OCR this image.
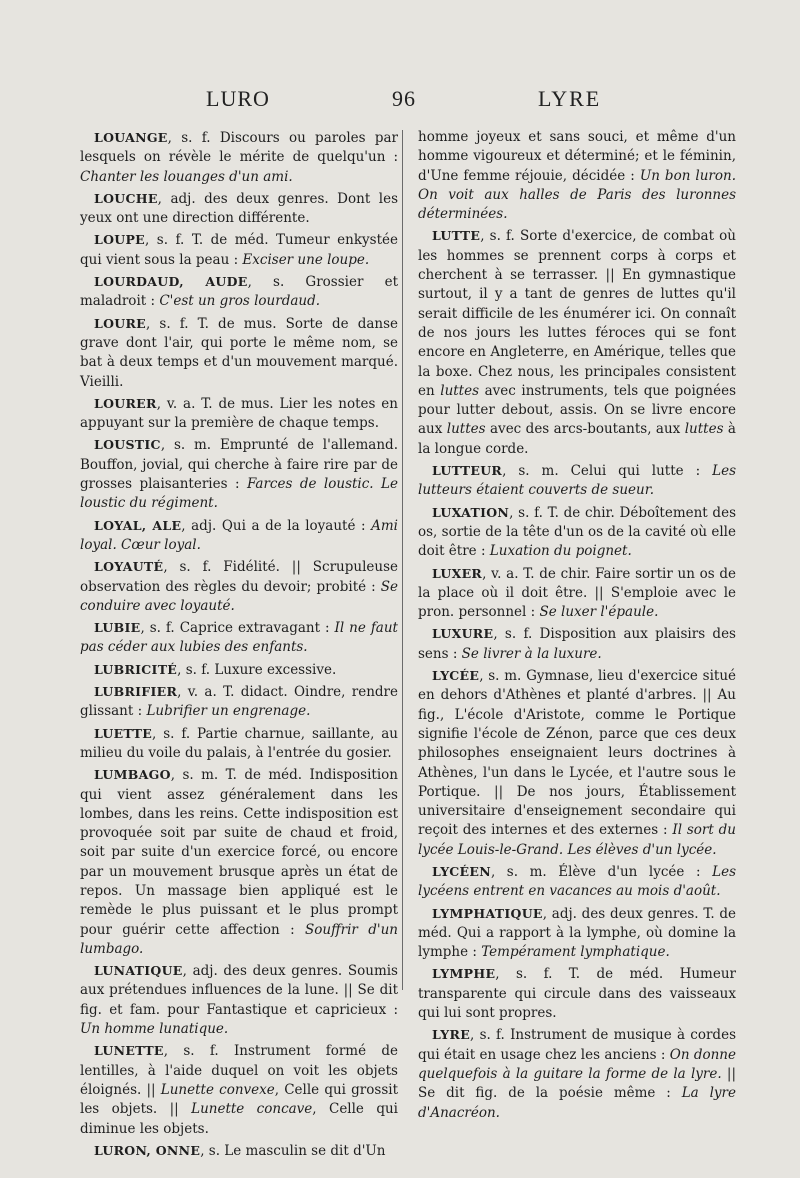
LURO	96	LYRE

LOUANGE, s. f. Discours ou paroles par lesquels on révèle le mérite de quelqu'un : Chanter les louanges d'un ami.

LOUCHE, adj. des deux genres. Dont les yeux ont une direction différente.

LOUPE, s. f. T. de méd. Tumeur enkystée qui vient sous la peau : Exciser une loupe.

LOURDAUD, AUDE, s. Grossier et maladroit : C'est un gros lourdaud.

LOURE, s. f. T. de mus. Sorte de danse grave dont l'air, qui porte le même nom, se bat à deux temps et d'un mouvement marqué. Vieilli.

LOURER, v. a. T. de mus. Lier les notes en appuyant sur la première de chaque temps.

LOUSTIC, s. m. Emprunté de l'allemand. Bouffon, jovial, qui cherche à faire rire par de grosses plaisanteries : Farces de loustic. Le loustic du régiment.

LOYAL, ALE, adj. Qui a de la loyauté : Ami loyal. Cœur loyal.

LOYAUTÉ, s. f. Fidélité. || Scrupuleuse observation des règles du devoir; probité : Se conduire avec loyauté.

LUBIE, s. f. Caprice extravagant : Il ne faut pas céder aux lubies des enfants.

LUBRICITÉ, s. f. Luxure excessive.

LUBRIFIER, v. a. T. didact. Oindre, rendre glissant : Lubrifier un engrenage.

LUETTE, s. f. Partie charnue, saillante, au milieu du voile du palais, à l'entrée du gosier.

LUMBAGO, s. m. T. de méd. Indisposition qui vient assez généralement dans les lombes, dans les reins. Cette indisposition est provoquée soit par suite de chaud et froid, soit par suite d'un exercice forcé, ou encore par un mouvement brusque après un état de repos. Un massage bien appliqué est le remède le plus puissant et le plus prompt pour guérir cette affection : Souffrir d'un lumbago.

LUNATIQUE, adj. des deux genres. Soumis aux prétendues influences de la lune. || Se dit fig. et fam. pour Fantastique et capricieux : Un homme lunatique.

LUNETTE, s. f. Instrument formé de lentilles, à l'aide duquel on voit les objets éloignés. || Lunette convexe, Celle qui grossit les objets. || Lunette concave, Celle qui diminue les objets.

LURON, ONNE, s. Le masculin se dit d'Un

homme joyeux et sans souci, et même d'un homme vigoureux et déterminé; et le féminin, d'Une femme réjouie, décidée : Un bon luron. On voit aux halles de Paris des luronnes déterminées.

LUTTE, s. f. Sorte d'exercice, de combat où les hommes se prennent corps à corps et cherchent à se terrasser. || En gymnastique surtout, il y a tant de genres de luttes qu'il serait difficile de les énumérer ici. On connaît de nos jours les luttes féroces qui se font encore en Angleterre, en Amérique, telles que la boxe. Chez nous, les principales consistent en luttes avec instruments, tels que poignées pour lutter debout, assis. On se livre encore aux luttes avec des arcs-boutants, aux luttes à la longue corde.

LUTTEUR, s. m. Celui qui lutte : Les lutteurs étaient couverts de sueur.

LUXATION, s. f. T. de chir. Déboîtement des os, sortie de la tête d'un os de la cavité où elle doit être : Luxation du poignet.

LUXER, v. a. T. de chir. Faire sortir un os de la place où il doit être. || S'emploie avec le pron. personnel : Se luxer l'épaule.

LUXURE, s. f. Disposition aux plaisirs des sens : Se livrer à la luxure.

LYCÉE, s. m. Gymnase, lieu d'exercice situé en dehors d'Athènes et planté d'arbres. || Au fig., L'école d'Aristote, comme le Portique signifie l'école de Zénon, parce que ces deux philosophes enseignaient leurs doctrines à Athènes, l'un dans le Lycée, et l'autre sous le Portique. || De nos jours, Établissement universitaire d'enseignement secondaire qui reçoit des internes et des externes : Il sort du lycée Louis-le-Grand. Les élèves d'un lycée.

LYCÉEN, s. m. Élève d'un lycée : Les lycéens entrent en vacances au mois d'août.

LYMPHATIQUE, adj. des deux genres. T. de méd. Qui a rapport à la lymphe, où domine la lymphe : Tempérament lymphatique.

LYMPHE, s. f. T. de méd. Humeur transparente qui circule dans des vaisseaux qui lui sont propres.

LYRE, s. f. Instrument de musique à cordes qui était en usage chez les anciens : On donne quelquefois à la guitare la forme de la lyre. || Se dit fig. de la poésie même : La lyre d'Anacréon.
